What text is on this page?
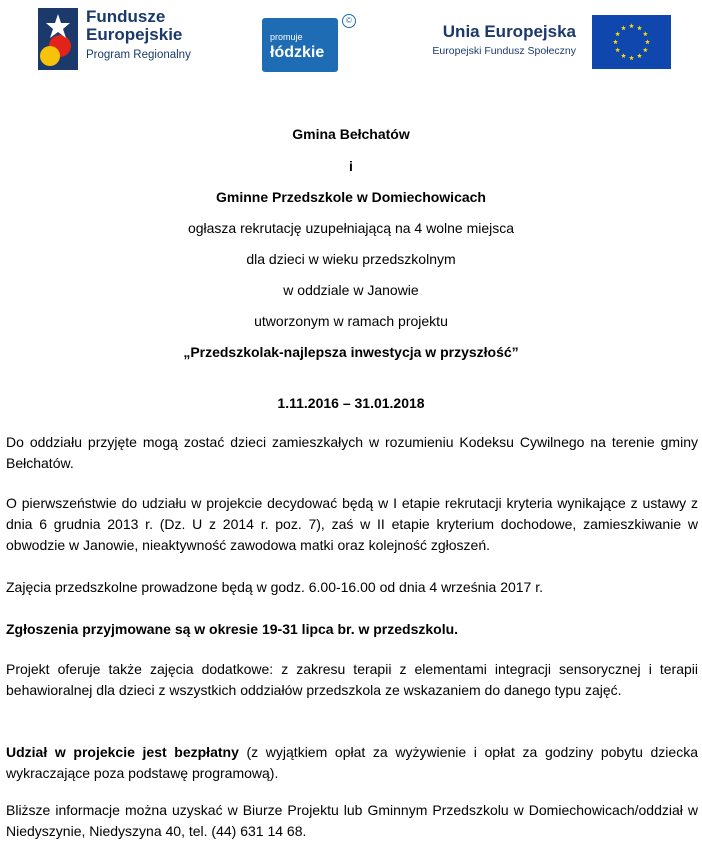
Fundusze
Europejskie
Program Regionalny
promuje
łódzkie
©
Unia Europejska
Europejski Fundusz Społeczny
Gmina Bełchatów
i
Gminne Przedszkole w Domiechowicach
ogłasza rekrutację uzupełniającą na 4 wolne miejsca
dla dzieci w wieku przedszkolnym
w oddziale w Janowie
utworzonym w ramach projektu
„Przedszkolak-najlepsza inwestycja w przyszłość”
1.11.2016 – 31.01.2018
Do oddziału przyjęte mogą zostać dzieci zamieszkałych w rozumieniu Kodeksu Cywilnego na terenie gminy Bełchatów.
O pierwszeństwie do udziału w projekcie decydować będą w I etapie rekrutacji kryteria wynikające z ustawy z dnia 6 grudnia 2013 r. (Dz. U z 2014 r. poz. 7), zaś w II etapie kryterium dochodowe, zamieszkiwanie w obwodzie w Janowie, nieaktywność zawodowa matki oraz kolejność zgłoszeń.
Zajęcia przedszkolne prowadzone będą w godz. 6.00-16.00 od dnia 4 września 2017 r.
Zgłoszenia przyjmowane są w okresie 19-31 lipca br. w przedszkolu.
Projekt oferuje także zajęcia dodatkowe: z zakresu terapii z elementami integracji sensorycznej i terapii behawioralnej dla dzieci z wszystkich oddziałów przedszkola ze wskazaniem do danego typu zajęć.
Udział w projekcie jest bezpłatny (z wyjątkiem opłat za wyżywienie i opłat za godziny pobytu dziecka wykraczające poza podstawę programową).
Bliższe informacje można uzyskać w Biurze Projektu lub Gminnym Przedszkolu w Domiechowicach/oddział w Niedyszynie, Niedyszyna 40, tel. (44) 631 14 68.
